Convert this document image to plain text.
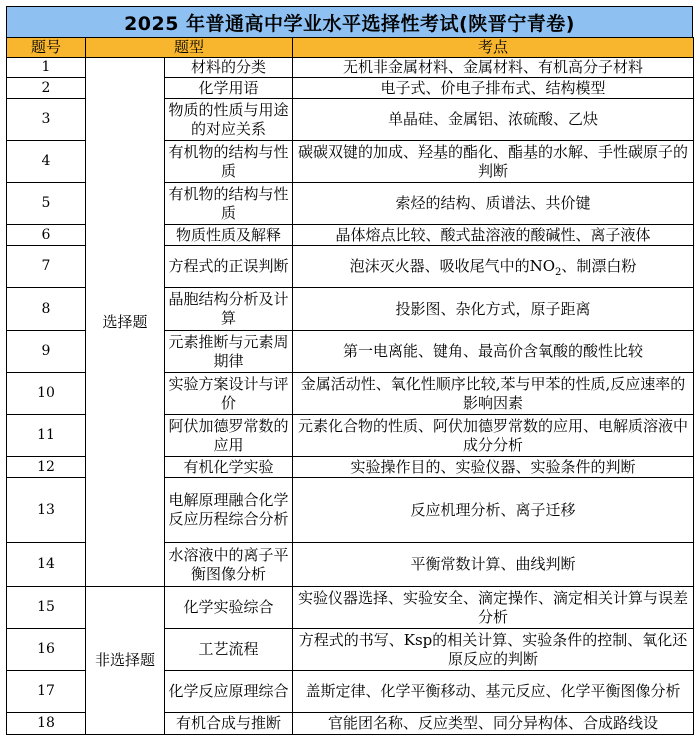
2025 年普通高中学业水平选择性考试(陕晋宁青卷)
题号	题型		考点
1	选择题	材料的分类	无机非金属材料、金属材料、有机高分子材料
2		化学用语	电子式、价电子排布式、结构模型
3		物质的性质与用途的对应关系	单晶硅、金属铝、浓硫酸、乙炔
4		有机物的结构与性质	碳碳双键的加成、羟基的酯化、酯基的水解、手性碳原子的判断
5		有机物的结构与性质	索烃的结构、质谱法、共价键
6		物质性质及解释	晶体熔点比较、酸式盐溶液的酸碱性、离子液体
7		方程式的正误判断	泡沫灭火器、吸收尾气中的$NO_2$、制漂白粉
8		晶胞结构分析及计算	投影图、杂化方式，原子距离
9		元素推断与元素周期律	第一电离能、键角、最高价含氧酸的酸性比较
10		实验方案设计与评价	金属活动性、氧化性顺序比较,苯与甲苯的性质,反应速率的影响因素
11		阿伏加德罗常数的应用	元素化合物的性质、阿伏加德罗常数的应用、电解质溶液中成分分析
12		有机化学实验	实验操作目的、实验仪器、实验条件的判断
13		电解原理融合化学反应历程综合分析	反应机理分析、离子迁移
14		水溶液中的离子平衡图像分析	平衡常数计算、曲线判断
15	非选择题	化学实验综合	实验仪器选择、实验安全、滴定操作、滴定相关计算与误差分析
16		工艺流程	方程式的书写、Ksp的相关计算、实验条件的控制、氧化还原反应的判断
17		化学反应原理综合	盖斯定律、化学平衡移动、基元反应、化学平衡图像分析
18		有机合成与推断	官能团名称、反应类型、同分异构体、合成路线设
